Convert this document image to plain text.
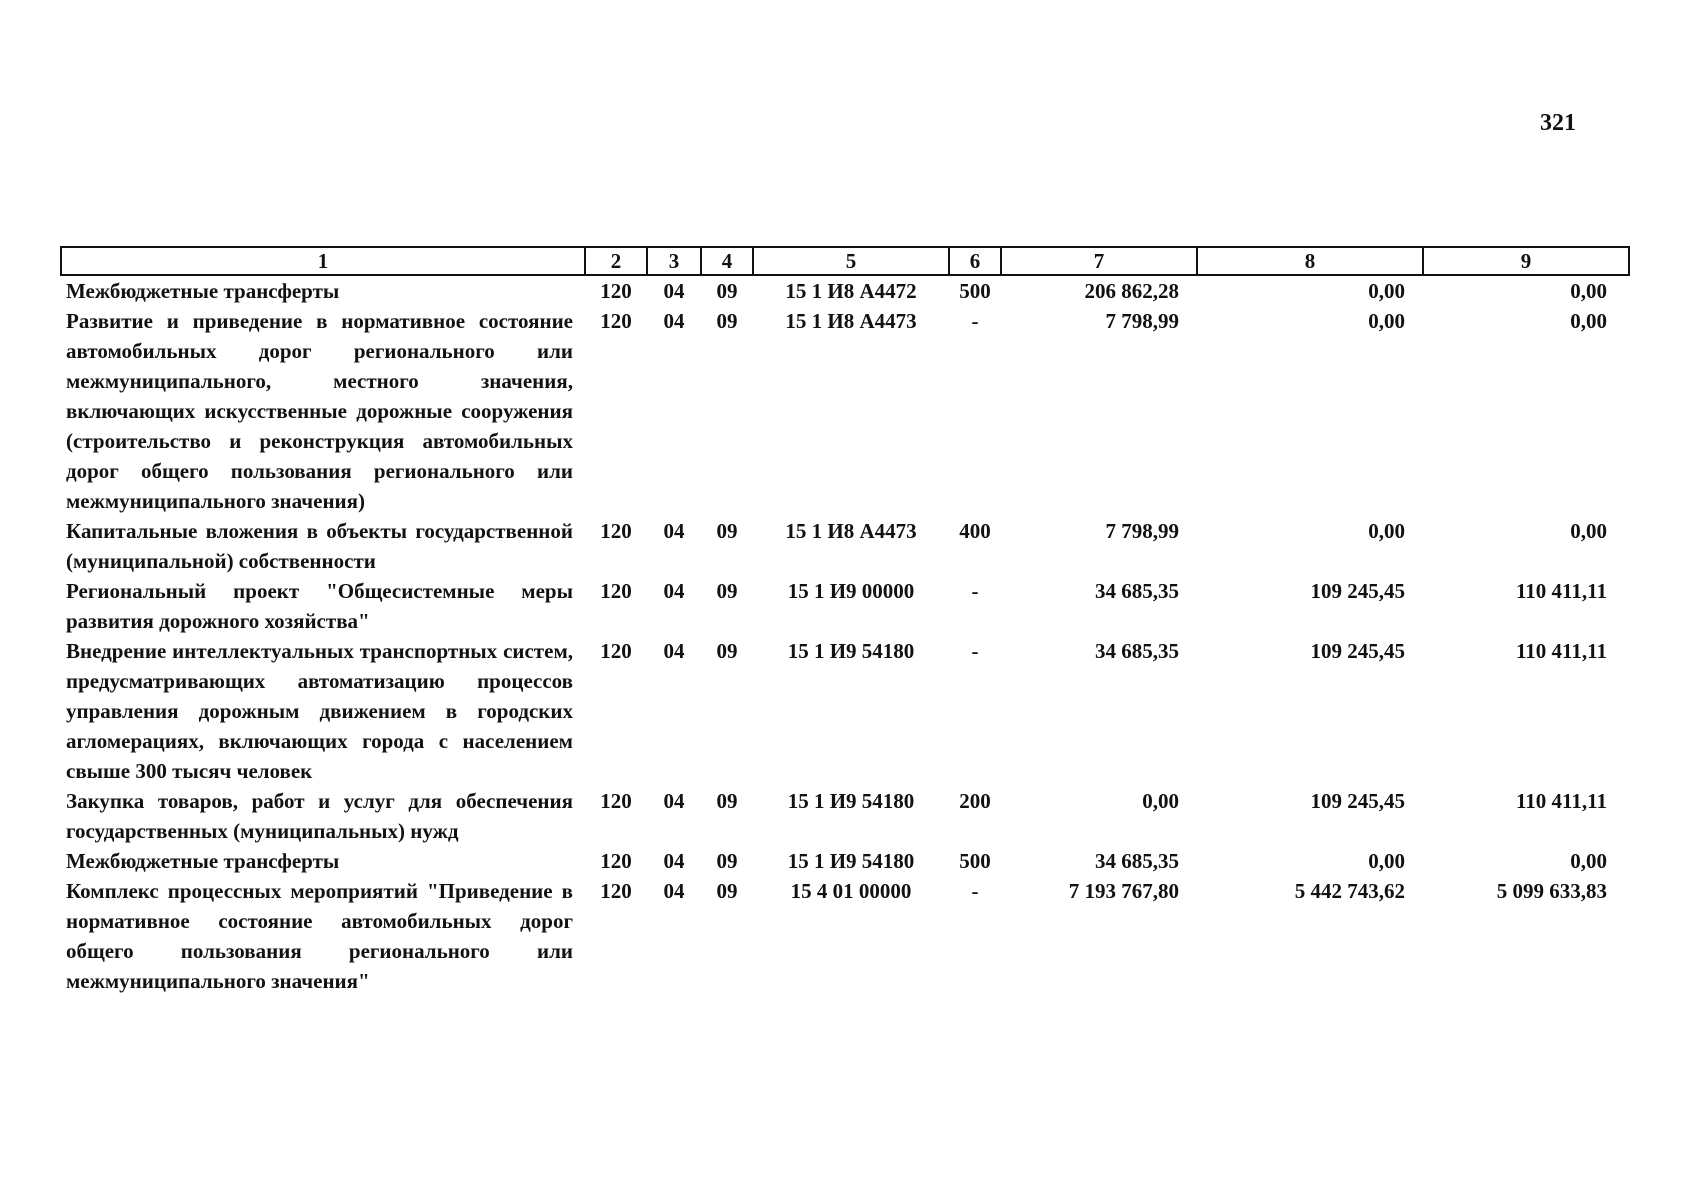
321
1	2	3	4	5	6	7	8	9
Межбюджетные трансферты	120	04	09	15 1 И8 А4472	500	206 862,28	0,00	0,00
Развитие и приведение в нормативное состояние автомобильных дорог регионального или межмуниципального, местного значения, включающих искусственные дорожные сооружения (строительство и реконструкция автомобильных дорог общего пользования регионального или межмуниципального значения)	120	04	09	15 1 И8 А4473	-	7 798,99	0,00	0,00
Капитальные вложения в объекты государственной (муниципальной) собственности	120	04	09	15 1 И8 А4473	400	7 798,99	0,00	0,00
Региональный проект "Общесистемные меры развития дорожного хозяйства"	120	04	09	15 1 И9 00000	-	34 685,35	109 245,45	110 411,11
Внедрение интеллектуальных транспортных систем, предусматривающих автоматизацию процессов управления дорожным движением в городских агломерациях, включающих города с населением свыше 300 тысяч человек	120	04	09	15 1 И9 54180	-	34 685,35	109 245,45	110 411,11
Закупка товаров, работ и услуг для обеспечения государственных (муниципальных) нужд	120	04	09	15 1 И9 54180	200	0,00	109 245,45	110 411,11
Межбюджетные трансферты	120	04	09	15 1 И9 54180	500	34 685,35	0,00	0,00
Комплекс процессных мероприятий "Приведение в нормативное состояние автомобильных дорог общего пользования регионального или межмуниципального значения"	120	04	09	15 4 01 00000	-	7 193 767,80	5 442 743,62	5 099 633,83
